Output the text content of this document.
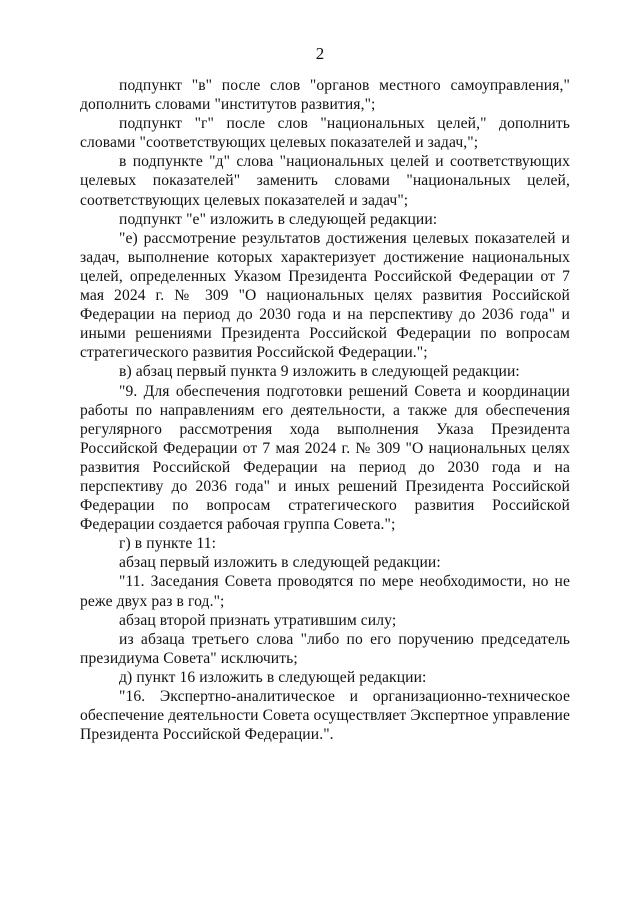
2

подпункт "в" после слов "органов местного самоуправления," дополнить словами "институтов развития,";

подпункт "г" после слов "национальных целей," дополнить словами "соответствующих целевых показателей и задач,";

в подпункте "д" слова "национальных целей и соответствующих целевых показателей" заменить словами "национальных целей, соответствующих целевых показателей и задач";

подпункт "е" изложить в следующей редакции:

"е) рассмотрение результатов достижения целевых показателей и задач, выполнение которых характеризует достижение национальных целей, определенных Указом Президента Российской Федерации от 7 мая 2024 г. № 309 "О национальных целях развития Российской Федерации на период до 2030 года и на перспективу до 2036 года" и иными решениями Президента Российской Федерации по вопросам стратегического развития Российской Федерации.";

в) абзац первый пункта 9 изложить в следующей редакции:

"9. Для обеспечения подготовки решений Совета и координации работы по направлениям его деятельности, а также для обеспечения регулярного рассмотрения хода выполнения Указа Президента Российской Федерации от 7 мая 2024 г. № 309 "О национальных целях развития Российской Федерации на период до 2030 года и на перспективу до 2036 года" и иных решений Президента Российской Федерации по вопросам стратегического развития Российской Федерации создается рабочая группа Совета.";

г) в пункте 11:

абзац первый изложить в следующей редакции:

"11. Заседания Совета проводятся по мере необходимости, но не реже двух раз в год.";

абзац второй признать утратившим силу;

из абзаца третьего слова "либо по его поручению председатель президиума Совета" исключить;

д) пункт 16 изложить в следующей редакции:

"16. Экспертно-аналитическое и организационно-техническое обеспечение деятельности Совета осуществляет Экспертное управление Президента Российской Федерации.".
